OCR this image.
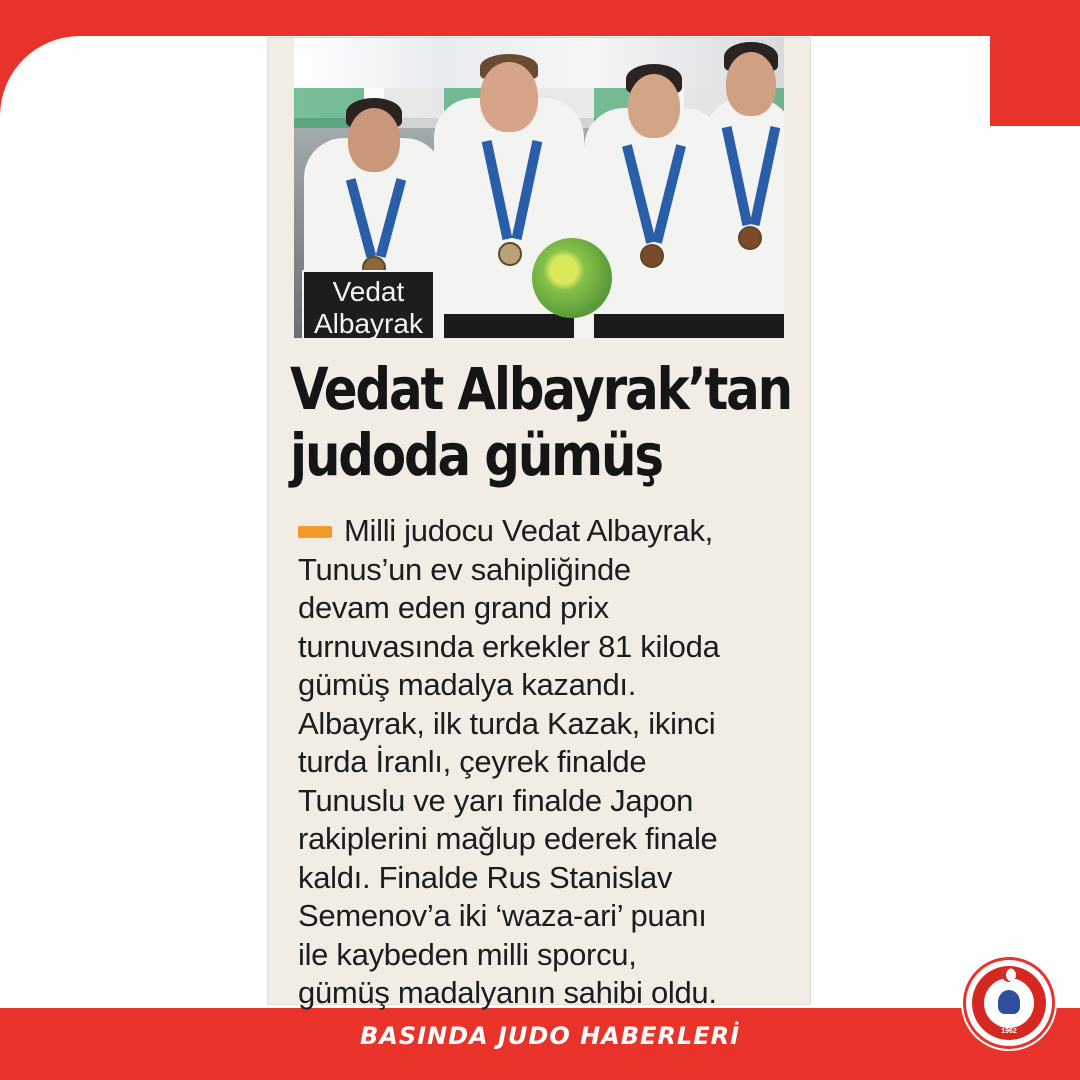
Vedat
Albayrak
Vedat Albayrak’tan
judoda gümüş
Milli judocu Vedat Albayrak,
Tunus’un ev sahipliğinde
devam eden grand prix
turnuvasında erkekler 81 kiloda
gümüş madalya kazandı.
Albayrak, ilk turda Kazak, ikinci
turda İranlı, çeyrek finalde
Tunuslu ve yarı finalde Japon
rakiplerini mağlup ederek finale
kaldı. Finalde Rus Stanislav
Semenov’a iki ‘waza-ari’ puanı
ile kaybeden milli sporcu,
gümüş madalyanın sahibi oldu.
BASINDA JUDO HABERLERİ	1962
